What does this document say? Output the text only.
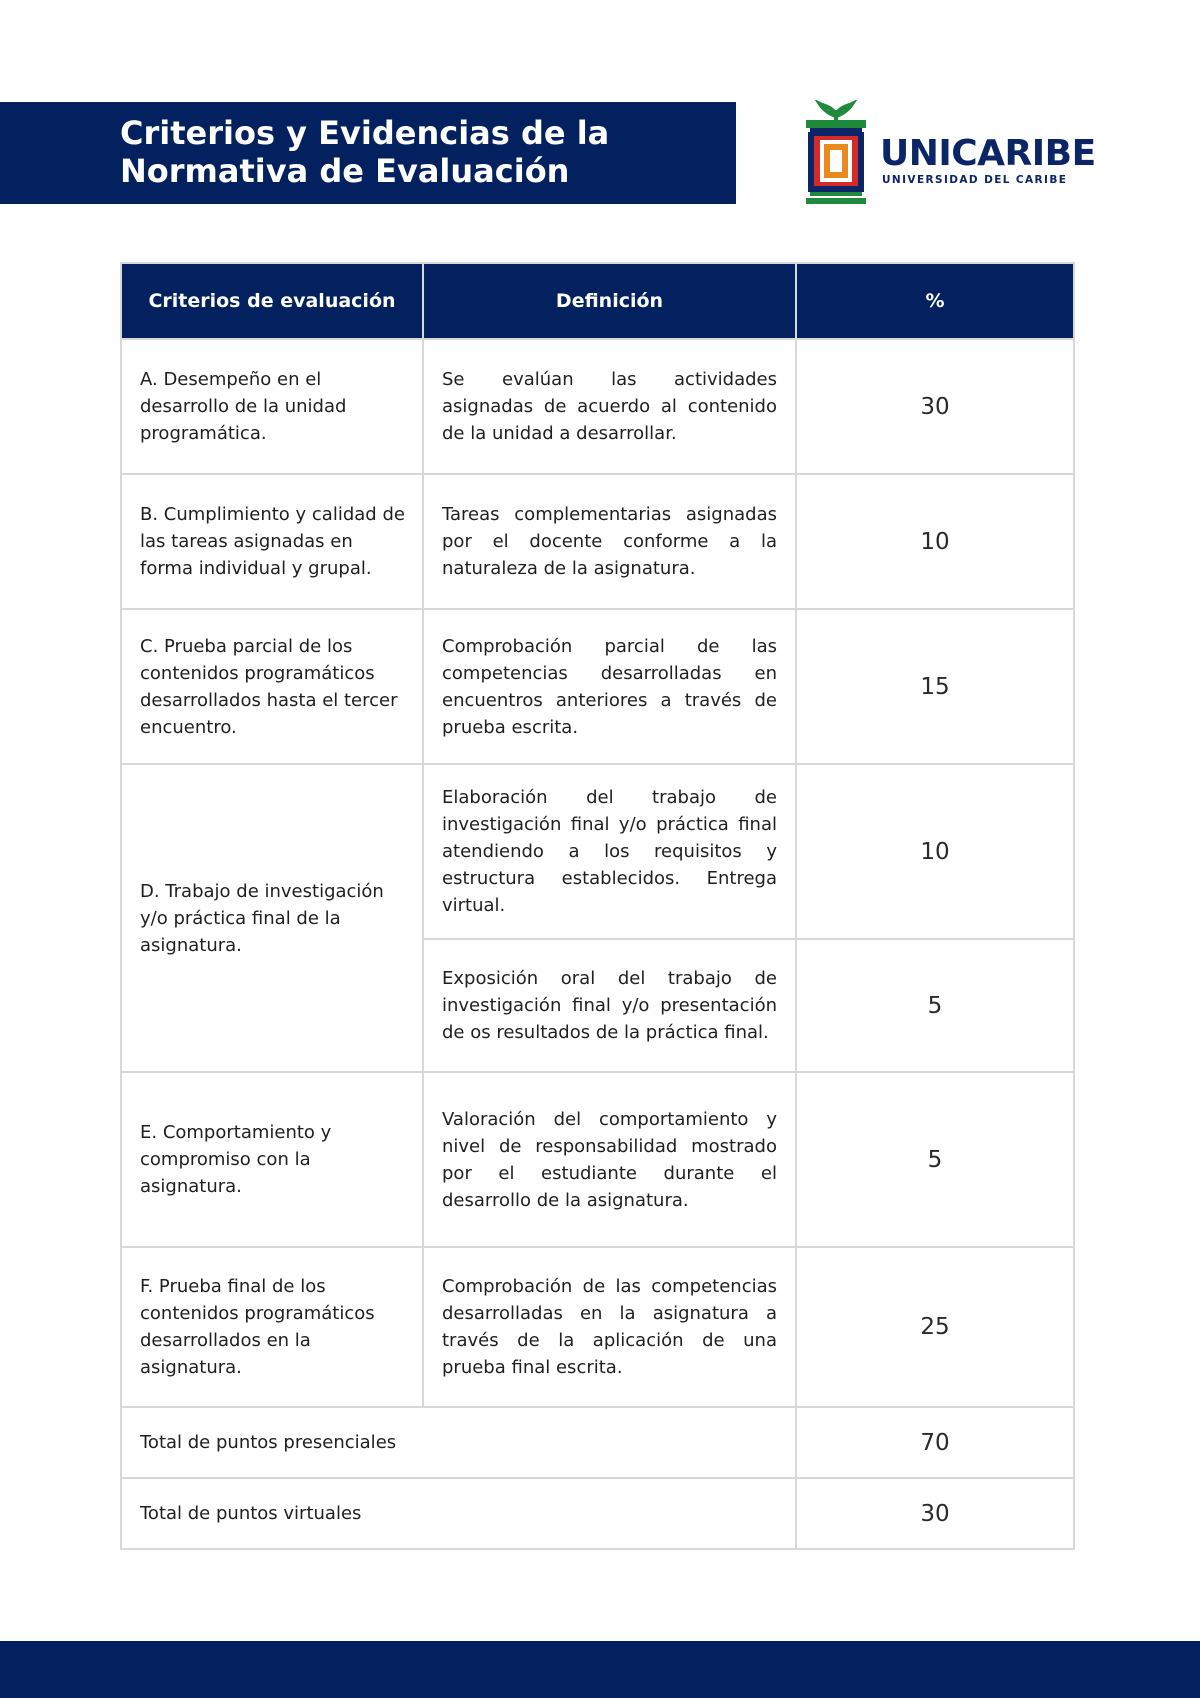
Criterios y Evidencias de la
Normativa de Evaluación	UNICARIBE
UNIVERSIDAD DEL CARIBE
Criterios de evaluación	Definición	%
A. Desempeño en el desarrollo de la unidad programática.	Se evalúan las actividades asignadas de acuerdo al contenido de la unidad a desarrollar.	30
B. Cumplimiento y calidad de las tareas asignadas en forma individual y grupal.	Tareas complementarias asignadas por el docente conforme a la naturaleza de la asignatura.	10
C. Prueba parcial de los contenidos programáticos desarrollados hasta el tercer encuentro.	Comprobación parcial de las competencias desarrolladas en encuentros anteriores a través de prueba escrita.	15
D. Trabajo de investigación y/o práctica final de la asignatura.	Elaboración del trabajo de investigación final y/o práctica final atendiendo a los requisitos y estructura establecidos. Entrega virtual.	10
	Exposición oral del trabajo de investigación final y/o presentación de os resultados de la práctica final.	5
E. Comportamiento y compromiso con la asignatura.	Valoración del comportamiento y nivel de responsabilidad mostrado por el estudiante durante el desarrollo de la asignatura.	5
F. Prueba final de los contenidos programáticos desarrollados en la asignatura.	Comprobación de las competencias desarrolladas en la asignatura a través de la aplicación de una prueba final escrita.	25
Total de puntos presenciales		70
Total de puntos virtuales		30
